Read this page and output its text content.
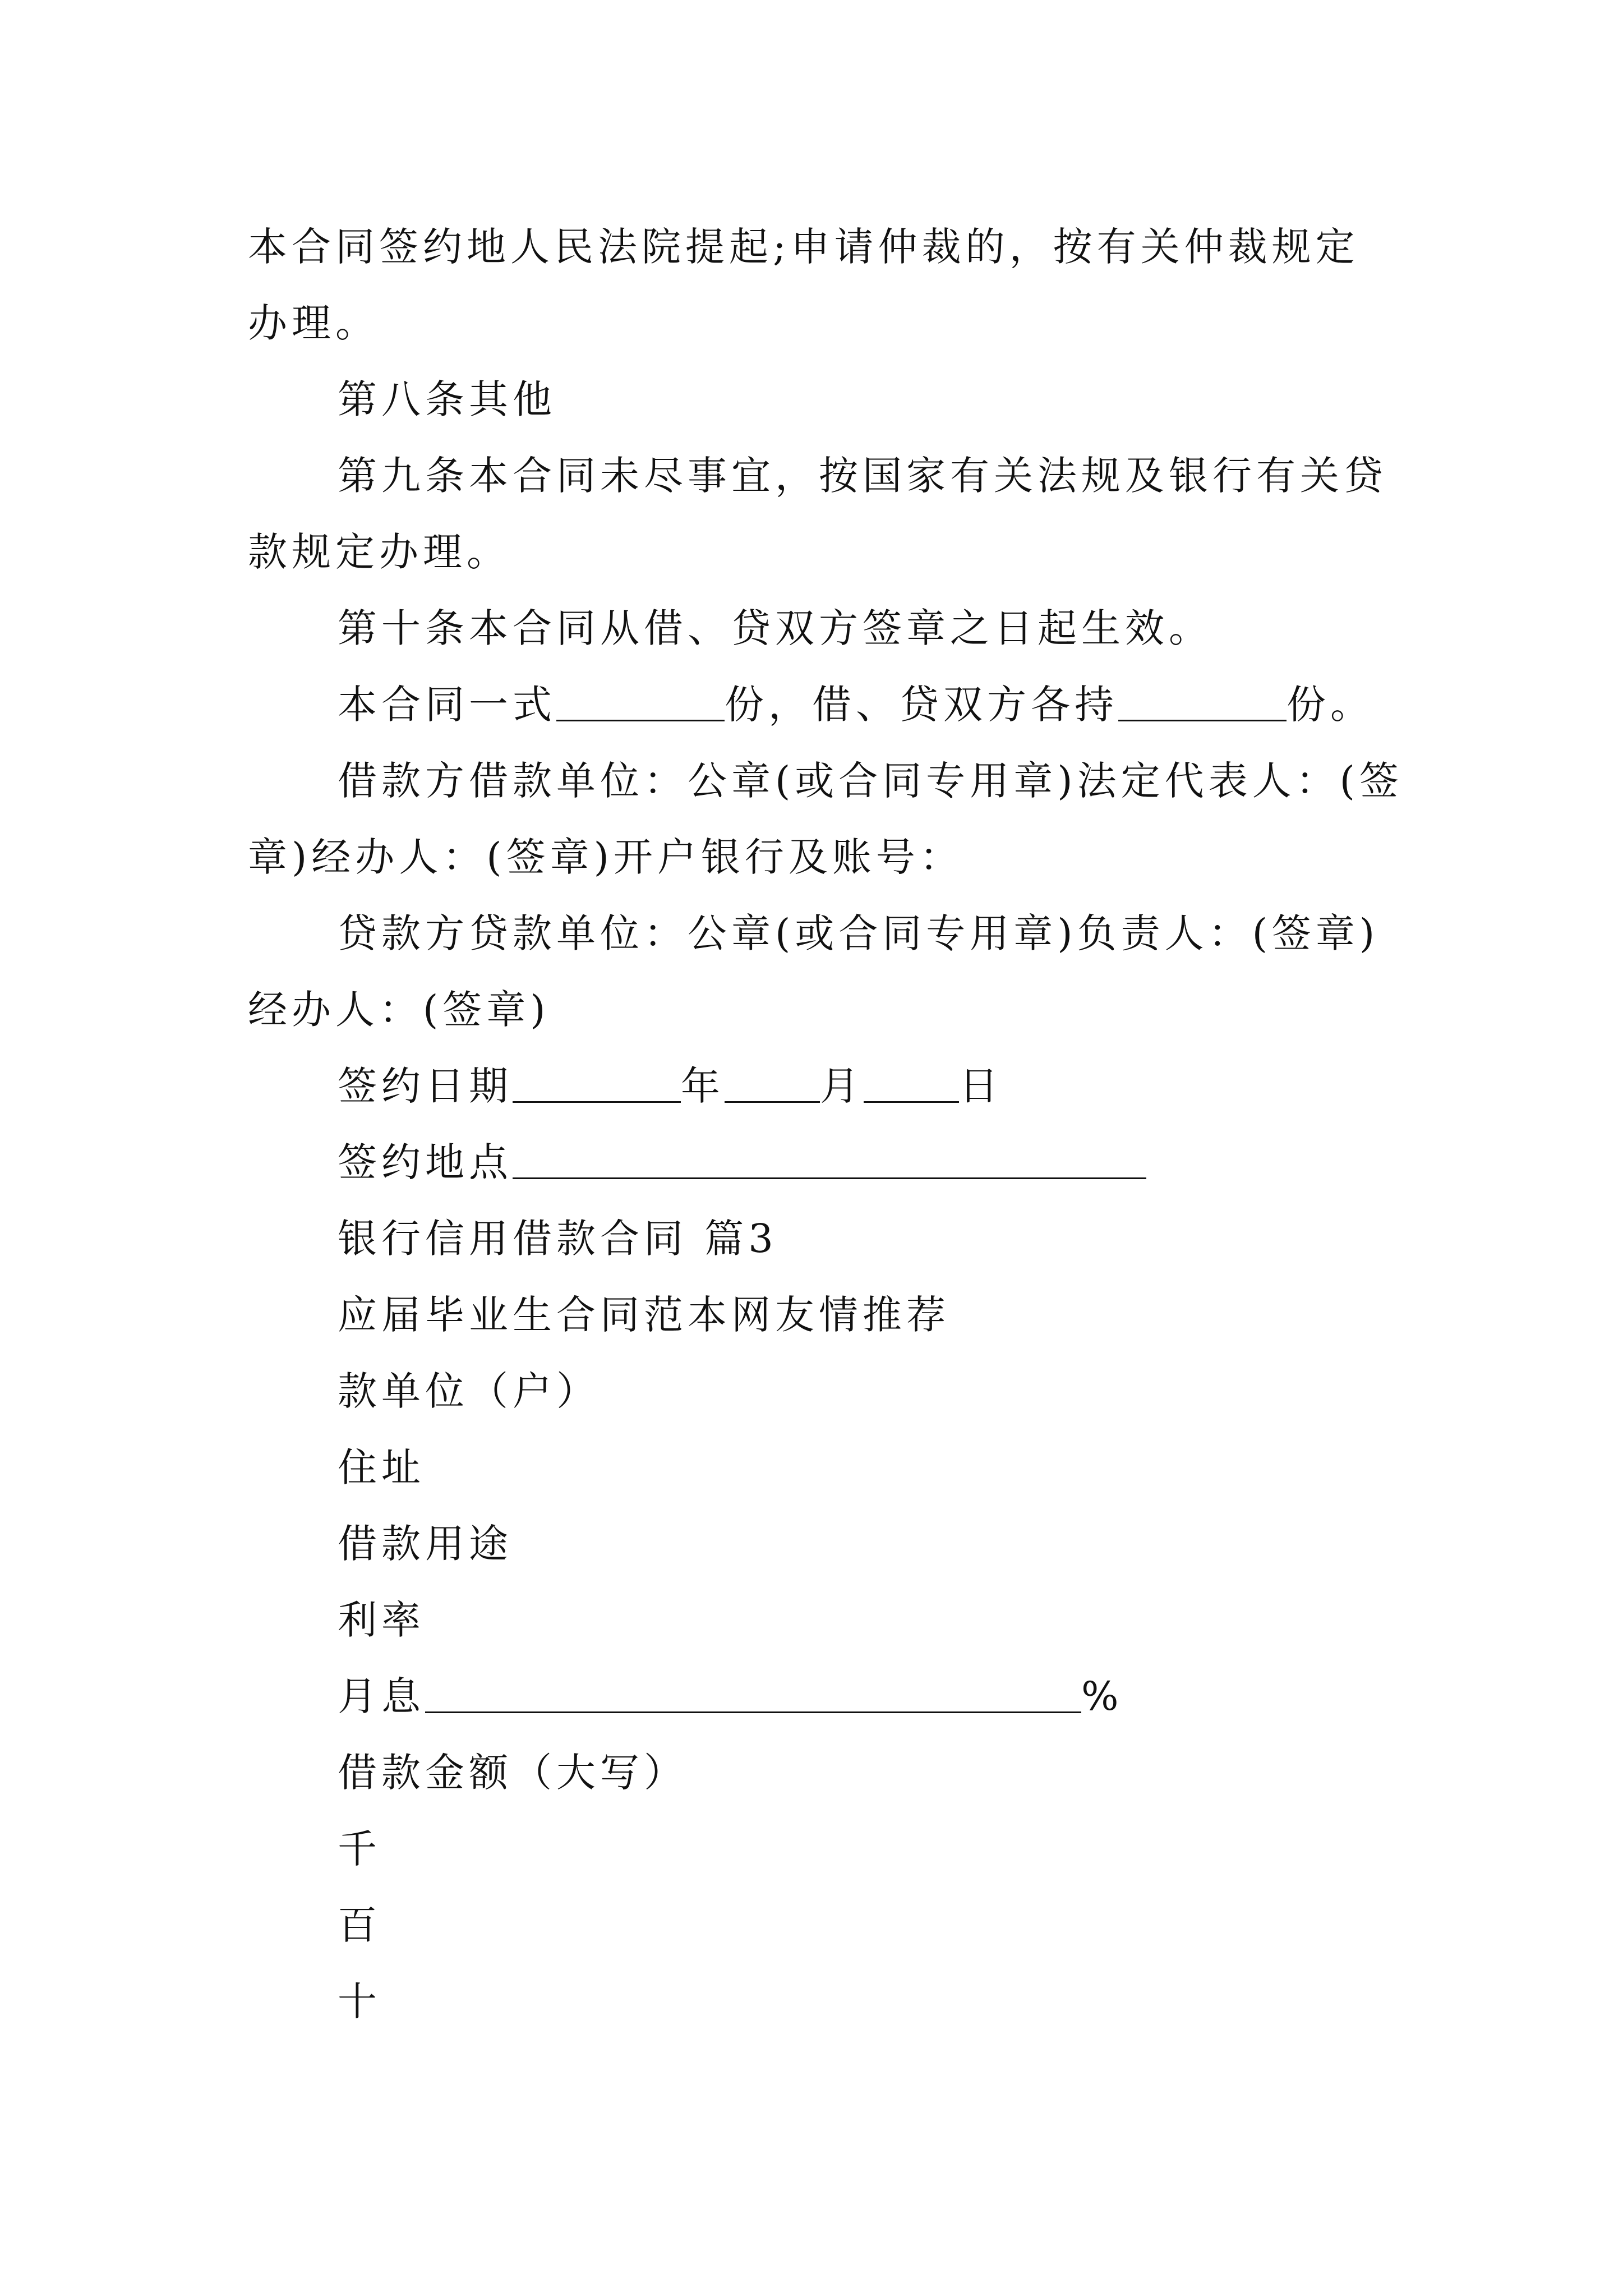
本合同签约地人民法院提起;申请仲裁的，按有关仲裁规定

办理。

第八条其他

第九条本合同未尽事宜，按国家有关法规及银行有关贷

款规定办理。

第十条本合同从借、贷双方签章之日起生效。

本合同一式	份，借、贷双方各持	份。

借款方借款单位：公章(或合同专用章)法定代表人：(签

章)经办人：(签章)开户银行及账号：

贷款方贷款单位：公章(或合同专用章)负责人：(签章)

经办人：(签章)

签约日期	年 月 日

签约地点

银行信用借款合同 篇3

应届毕业生合同范本网友情推荐

款单位（户）

住址

借款用途

利率

月息	%

借款金额（大写）

千

百

十
